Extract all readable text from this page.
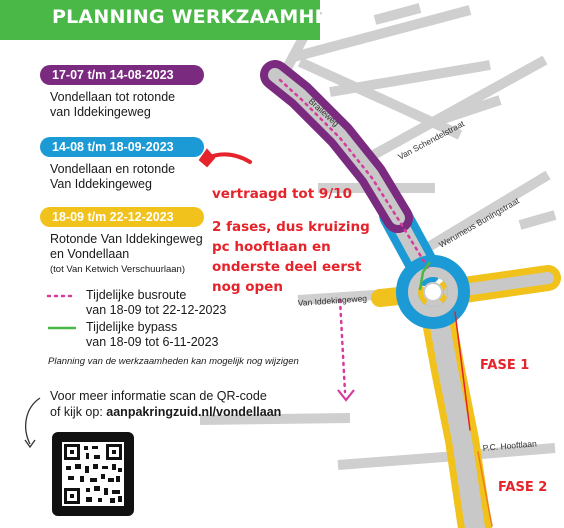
Braileweg
Van Schendelstraat
Werumeus Buningstraat
Van Iddekingeweg
P.C. Hooftlaan
PLANNING WERKZAAMHEDEN
17-07 t/m 14-08-2023
Vondellaan tot rotonde
van Iddekingeweg
14-08 t/m 18-09-2023
Vondellaan en rotonde
Van Iddekingeweg
18-09 t/m 22-12-2023
Rotonde Van Iddekingeweg
en Vondellaan
(tot Van Ketwich Verschuurlaan)
Tijdelijke busroute
van 18-09 tot 22-12-2023
Tijdelijke bypass
van 18-09 tot 6-11-2023
Planning van de werkzaamheden kan mogelijk nog wijzigen
Voor meer informatie scan de QR-code
of kijk op: aanpakringzuid.nl/vondellaan
vertraagd tot 9/10
2 fases, dus kruizing
pc hooftlaan en
onderste deel eerst
nog open
FASE 1
FASE 2
